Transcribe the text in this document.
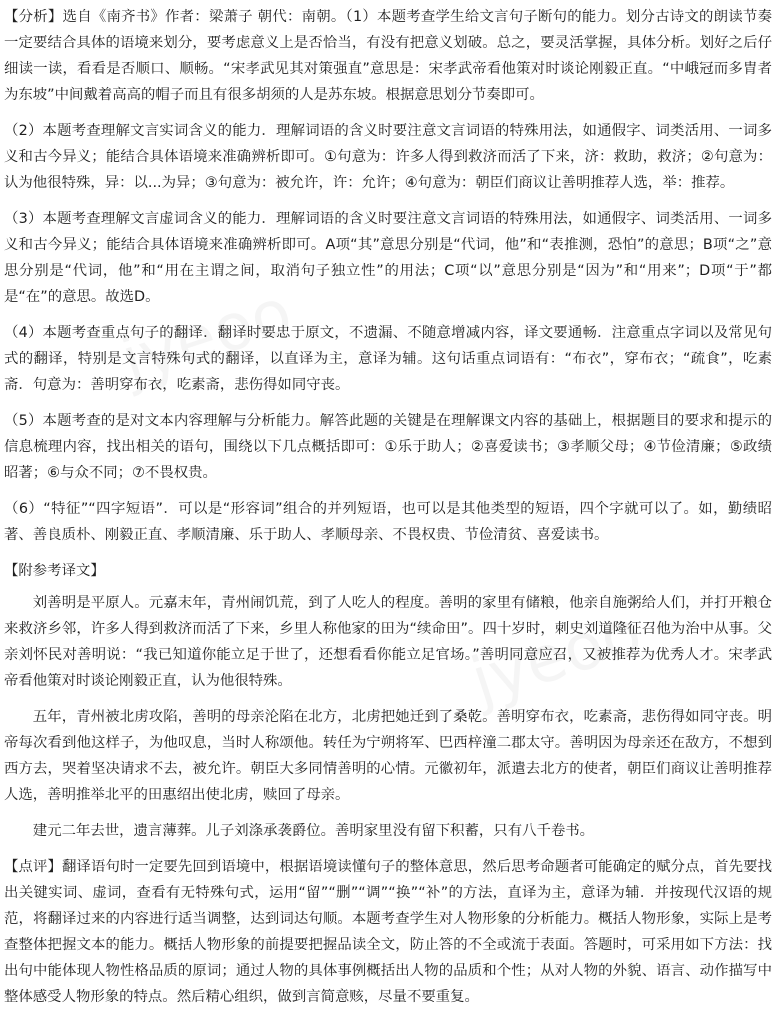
【分析】选自《南齐书》作者：梁萧子 朝代：南朝。（1）本题考查学生给文言句子断句的能力。划分古诗文的朗读节奏一定要结合具体的语境来划分，要考虑意义上是否恰当，有没有把意义划破。总之，要灵活掌握，具体分析。划好之后仔细读一读，看看是否顺口、顺畅。“宋孝武见其对策强直”意思是：宋孝武帝看他策对时谈论刚毅正直。“中峨冠而多胄者为东坡”中间戴着高高的帽子而且有很多胡须的人是苏东坡。根据意思划分节奏即可。

（2）本题考查理解文言实词含义的能力．理解词语的含义时要注意文言词语的特殊用法，如通假字、词类活用、一词多义和古今异义；能结合具体语境来准确辨析即可。①句意为：许多人得到救济而活了下来，济：救助，救济；②句意为：认为他很特殊，异：以...为异；③句意为：被允许，许：允许；④句意为：朝臣们商议让善明推荐人选，举：推荐。

（3）本题考查理解文言虚词含义的能力．理解词语的含义时要注意文言词语的特殊用法，如通假字、词类活用、一词多义和古今异义；能结合具体语境来准确辨析即可。A项“其”意思分别是“代词，他”和“表推测，恐怕”的意思；B项“之”意思分别是“代词，他”和“用在主谓之间，取消句子独立性”的用法；C项“以”意思分别是“因为”和“用来”；D项“于”都是“在”的意思。故选D。

（4）本题考查重点句子的翻译．翻译时要忠于原文，不遗漏、不随意增减内容，译文要通畅．注意重点字词以及常见句式的翻译，特别是文言特殊句式的翻译，以直译为主，意译为辅。这句话重点词语有：“布衣”，穿布衣；“疏食”，吃素斋．句意为：善明穿布衣，吃素斋，悲伤得如同守丧。

（5）本题考查的是对文本内容理解与分析能力。解答此题的关键是在理解课文内容的基础上，根据题目的要求和提示的信息梳理内容，找出相关的语句，围绕以下几点概括即可：①乐于助人；②喜爱读书；③孝顺父母；④节俭清廉；⑤政绩昭著；⑥与众不同；⑦不畏权贵。

（6）“特征”“四字短语”．可以是“形容词”组合的并列短语，也可以是其他类型的短语，四个字就可以了。如，勤绩昭著、善良质朴、刚毅正直、孝顺清廉、乐于助人、孝顺母亲、不畏权贵、节俭清贫、喜爱读书。

【附参考译文】

刘善明是平原人。元嘉末年，青州闹饥荒，到了人吃人的程度。善明的家里有储粮，他亲自施粥给人们，并打开粮仓来救济乡邻，许多人得到救济而活了下来，乡里人称他家的田为“续命田”。四十岁时，刺史刘道隆征召他为治中从事。父亲刘怀民对善明说：“我已知道你能立足于世了，还想看看你能立足官场。”善明同意应召，又被推荐为优秀人才。宋孝武帝看他策对时谈论刚毅正直，认为他很特殊。

五年，青州被北虏攻陷，善明的母亲沦陷在北方，北虏把她迁到了桑乾。善明穿布衣，吃素斋，悲伤得如同守丧。明帝每次看到他这样子，为他叹息，当时人称颂他。转任为宁朔将军、巴西梓潼二郡太守。善明因为母亲还在敌方，不想到西方去，哭着坚决请求不去，被允许。朝臣大多同情善明的心情。元徽初年，派遣去北方的使者，朝臣们商议让善明推荐人选，善明推举北平的田惠绍出使北虏，赎回了母亲。

建元二年去世，遗言薄葬。儿子刘涤承袭爵位。善明家里没有留下积蓄，只有八千卷书。

【点评】翻译语句时一定要先回到语境中，根据语境读懂句子的整体意思，然后思考命题者可能确定的赋分点，首先要找出关键实词、虚词，查看有无特殊句式，运用“留”“删”“调”“换”“补”的方法，直译为主，意译为辅．并按现代汉语的规范，将翻译过来的内容进行适当调整，达到词达句顺。本题考查学生对人物形象的分析能力。概括人物形象，实际上是考查整体把握文本的能力。概括人物形象的前提要把握品读全文，防止答的不全或流于表面。答题时，可采用如下方法：找出句中能体现人物性格品质的原词；通过人物的具体事例概括出人物的品质和个性；从对人物的外貌、语言、动作描写中整体感受人物形象的特点。然后精心组织，做到言简意赅，尽量不要重复。
